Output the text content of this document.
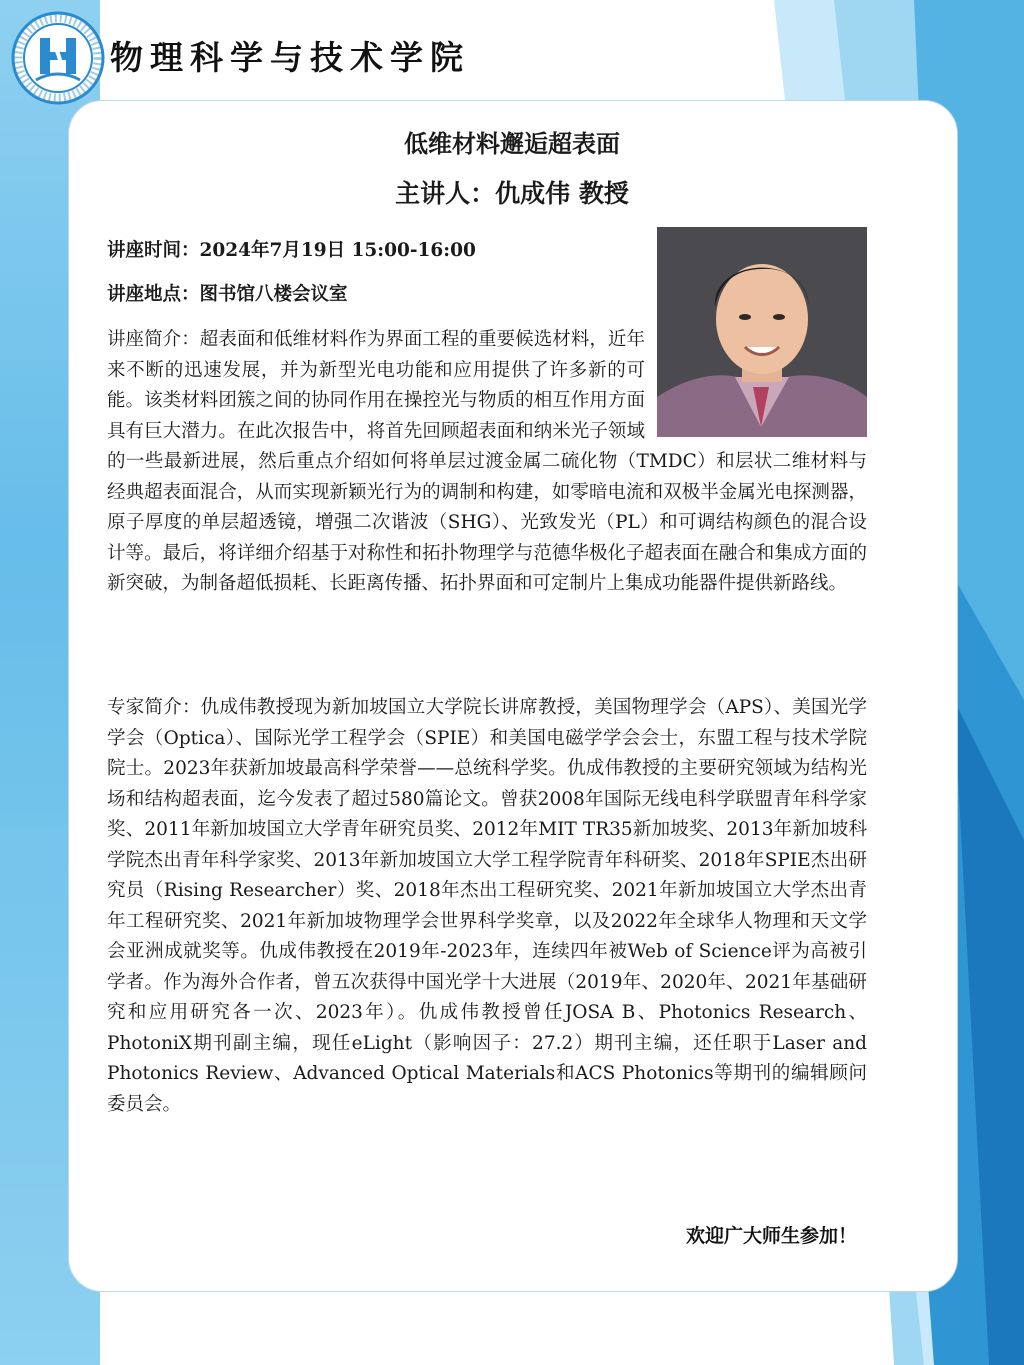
物理科学与技术学院
低维材料邂逅超表面
主讲人：仇成伟 教授
讲座时间：2024年7月19日 15:00-16:00
讲座地点：图书馆八楼会议室
讲座简介：超表面和低维材料作为界面工程的重要候选材料，近年来不断的迅速发展，并为新型光电功能和应用提供了许多新的可能。该类材料团簇之间的协同作用在操控光与物质的相互作用方面具有巨大潜力。在此次报告中，将首先回顾超表面和纳米光子领域的一些最新进展，然后重点介绍如何将单层过渡金属二硫化物（TMDC）和层状二维材料与经典超表面混合，从而实现新颖光行为的调制和构建，如零暗电流和双极半金属光电探测器，原子厚度的单层超透镜，增强二次谐波（SHG）、光致发光（PL）和可调结构颜色的混合设计等。最后，将详细介绍基于对称性和拓扑物理学与范德华极化子超表面在融合和集成方面的新突破，为制备超低损耗、长距离传播、拓扑界面和可定制片上集成功能器件提供新路线。
专家简介：仇成伟教授现为新加坡国立大学院长讲席教授，美国物理学会（APS）、美国光学学会（Optica）、国际光学工程学会（SPIE）和美国电磁学学会会士，东盟工程与技术学院院士。2023年获新加坡最高科学荣誉——总统科学奖。仇成伟教授的主要研究领域为结构光场和结构超表面，迄今发表了超过580篇论文。曾获2008年国际无线电科学联盟青年科学家奖、2011年新加坡国立大学青年研究员奖、2012年MIT TR35新加坡奖、2013年新加坡科学院杰出青年科学家奖、2013年新加坡国立大学工程学院青年科研奖、2018年SPIE杰出研究员（Rising Researcher）奖、2018年杰出工程研究奖、2021年新加坡国立大学杰出青年工程研究奖、2021年新加坡物理学会世界科学奖章，以及2022年全球华人物理和天文学会亚洲成就奖等。仇成伟教授在2019年-2023年，连续四年被Web of Science评为高被引学者。作为海外合作者，曾五次获得中国光学十大进展（2019年、2020年、2021年基础研究和应用研究各一次、2023年）。仇成伟教授曾任JOSA B、Photonics Research、PhotoniX期刊副主编，现任eLight（影响因子：27.2）期刊主编，还任职于Laser and Photonics Review、Advanced Optical Materials和ACS Photonics等期刊的编辑顾问委员会。
欢迎广大师生参加！
